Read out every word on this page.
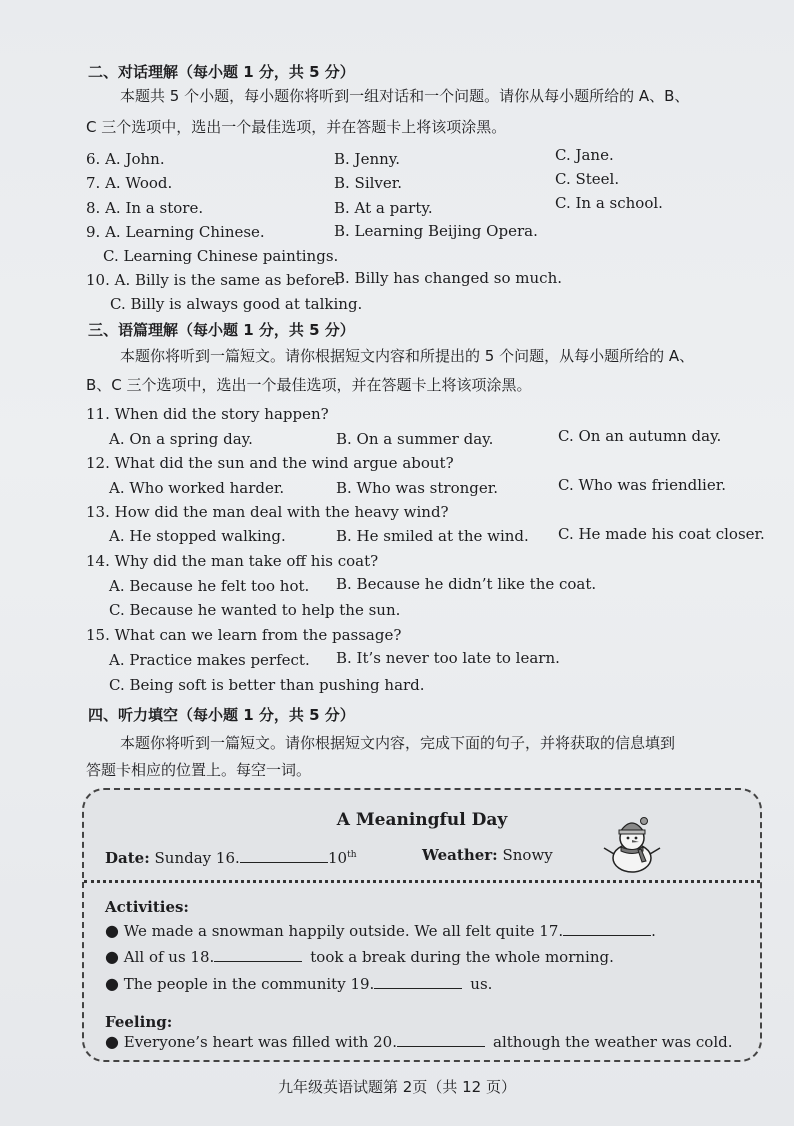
二、对话理解（每小题 1 分，共 5 分）
本题共 5 个小题，每小题你将听到一组对话和一个问题。请你从每小题所给的 A、B、
C 三个选项中，选出一个最佳选项，并在答题卡上将该项涂黑。
6. A. John.	B. Jenny.	C. Jane.
7. A. Wood.	B. Silver.	C. Steel.
8. A. In a store.	B. At a party.	C. In a school.
9. A. Learning Chinese.	B. Learning Beijing Opera.
C. Learning Chinese paintings.
10. A. Billy is the same as before.
B. Billy has changed so much.
C. Billy is always good at talking.
三、语篇理解（每小题 1 分，共 5 分）
本题你将听到一篇短文。请你根据短文内容和所提出的 5 个问题，从每小题所给的 A、
B、C 三个选项中，选出一个最佳选项，并在答题卡上将该项涂黑。
11. When did the story happen?
A. On a spring day.	B. On a summer day.	C. On an autumn day.
12. What did the sun and the wind argue about?
A. Who worked harder.	B. Who was stronger.	C. Who was friendlier.
13. How did the man deal with the heavy wind?
A. He stopped walking.	B. He smiled at the wind. C. He made his coat closer.
14. Why did the man take off his coat?
A. Because he felt too hot. B. Because he didn’t like the coat.
C. Because he wanted to help the sun.
15. What can we learn from the passage?
A. Practice makes perfect. B. It’s never too late to learn.
C. Being soft is better than pushing hard.
四、听力填空（每小题 1 分，共 5 分）
本题你将听到一篇短文。请你根据短文内容，完成下面的句子，并将获取的信息填到
答题卡相应的位置上。每空一词。
A Meaningful Day
Date: Sunday 16.	10th	Weather: Snowy
Activities:
● We made a snowman happily outside. We all felt quite 17.	.
● All of us 18.	took a break during the whole morning.
● The people in the community 19.	us.
Feeling:
● Everyone’s heart was filled with 20.	although the weather was cold.
九年级英语试题第 2页（共 12 页）
